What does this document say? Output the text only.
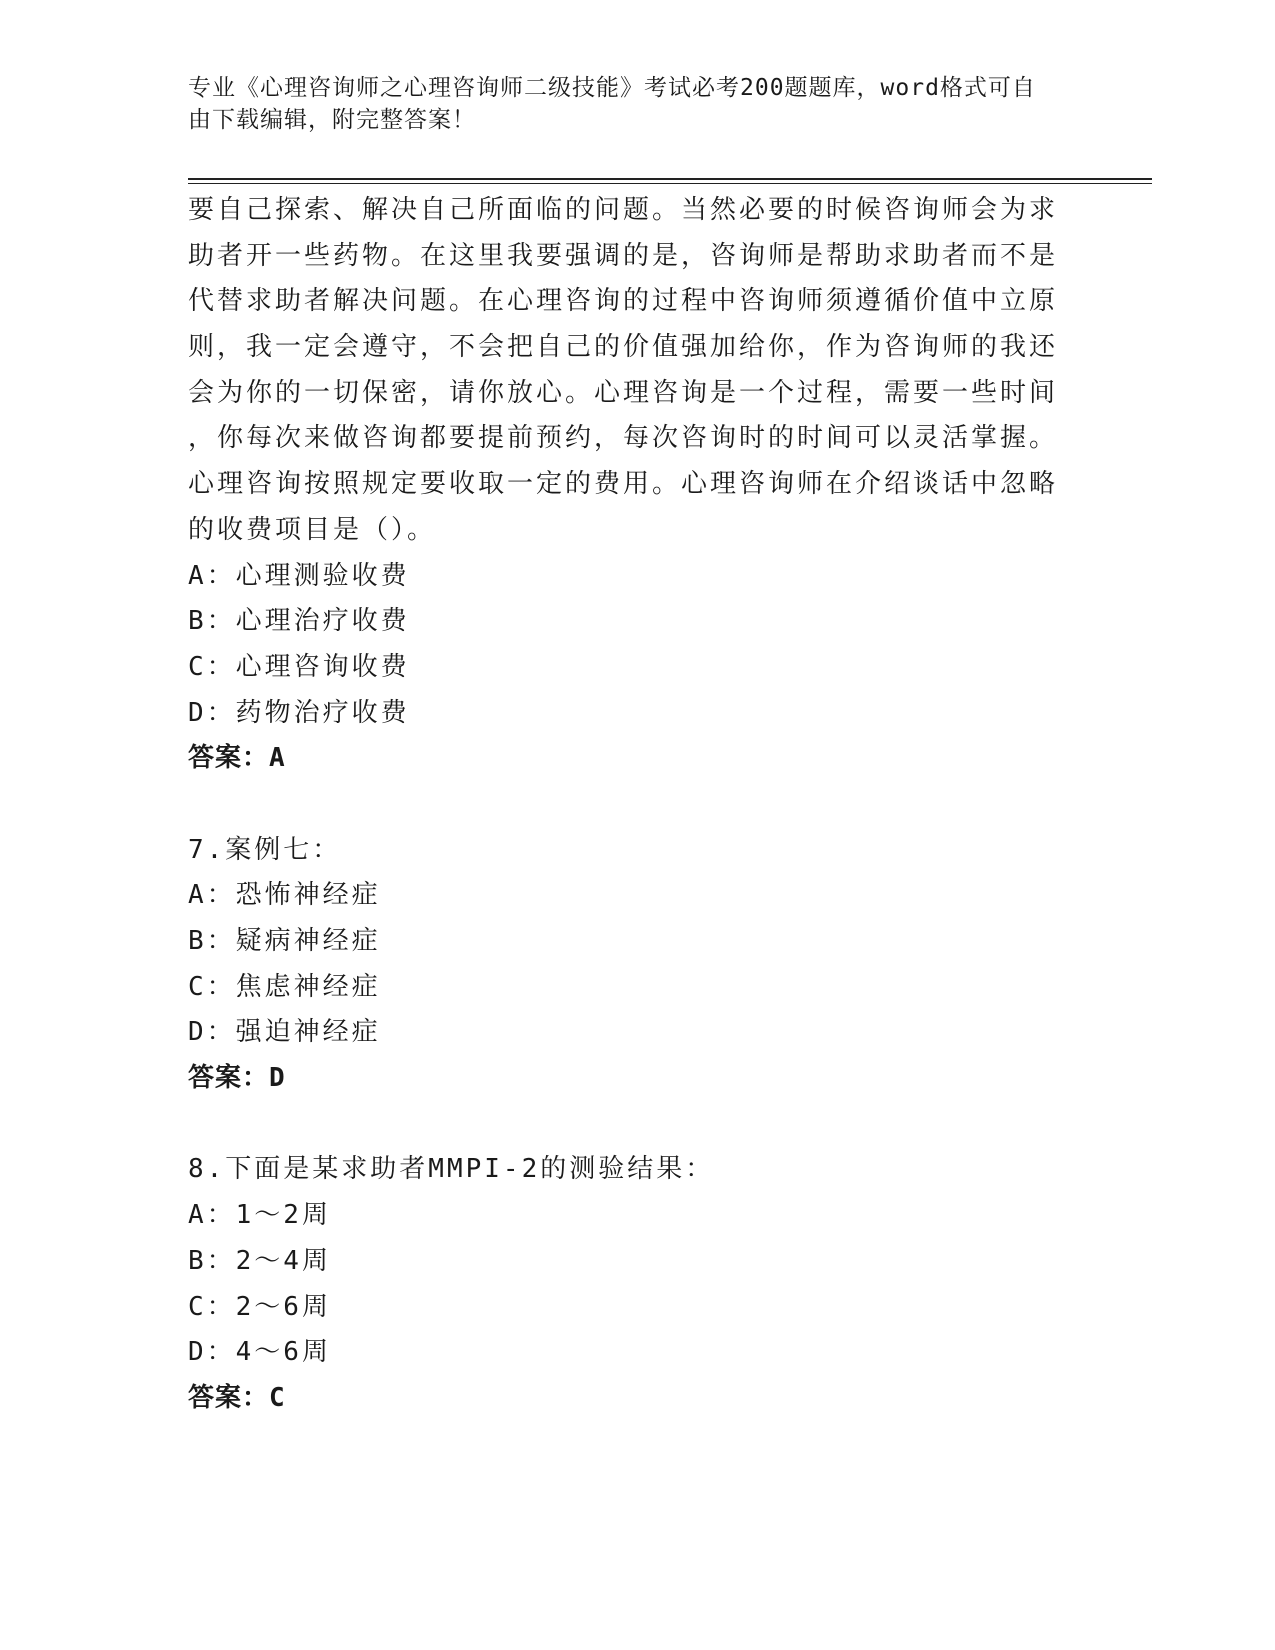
专业《心理咨询师之心理咨询师二级技能》考试必考200题题库，word格式可自
由下载编辑，附完整答案！
要自己探索、解决自己所面临的问题。当然必要的时候咨询师会为求
助者开一些药物。在这里我要强调的是，咨询师是帮助求助者而不是
代替求助者解决问题。在心理咨询的过程中咨询师须遵循价值中立原
则，我一定会遵守，不会把自己的价值强加给你，作为咨询师的我还
会为你的一切保密，请你放心。心理咨询是一个过程，需要一些时间
，你每次来做咨询都要提前预约，每次咨询时的时间可以灵活掌握。
心理咨询按照规定要收取一定的费用。心理咨询师在介绍谈话中忽略
的收费项目是（）。
A：心理测验收费
B：心理治疗收费
C：心理咨询收费
D：药物治疗收费
答案：A
7.案例七：
A：恐怖神经症
B：疑病神经症
C：焦虑神经症
D：强迫神经症
答案：D
8.下面是某求助者MMPI-2的测验结果：
A：1～2周
B：2～4周
C：2～6周
D：4～6周
答案：C
